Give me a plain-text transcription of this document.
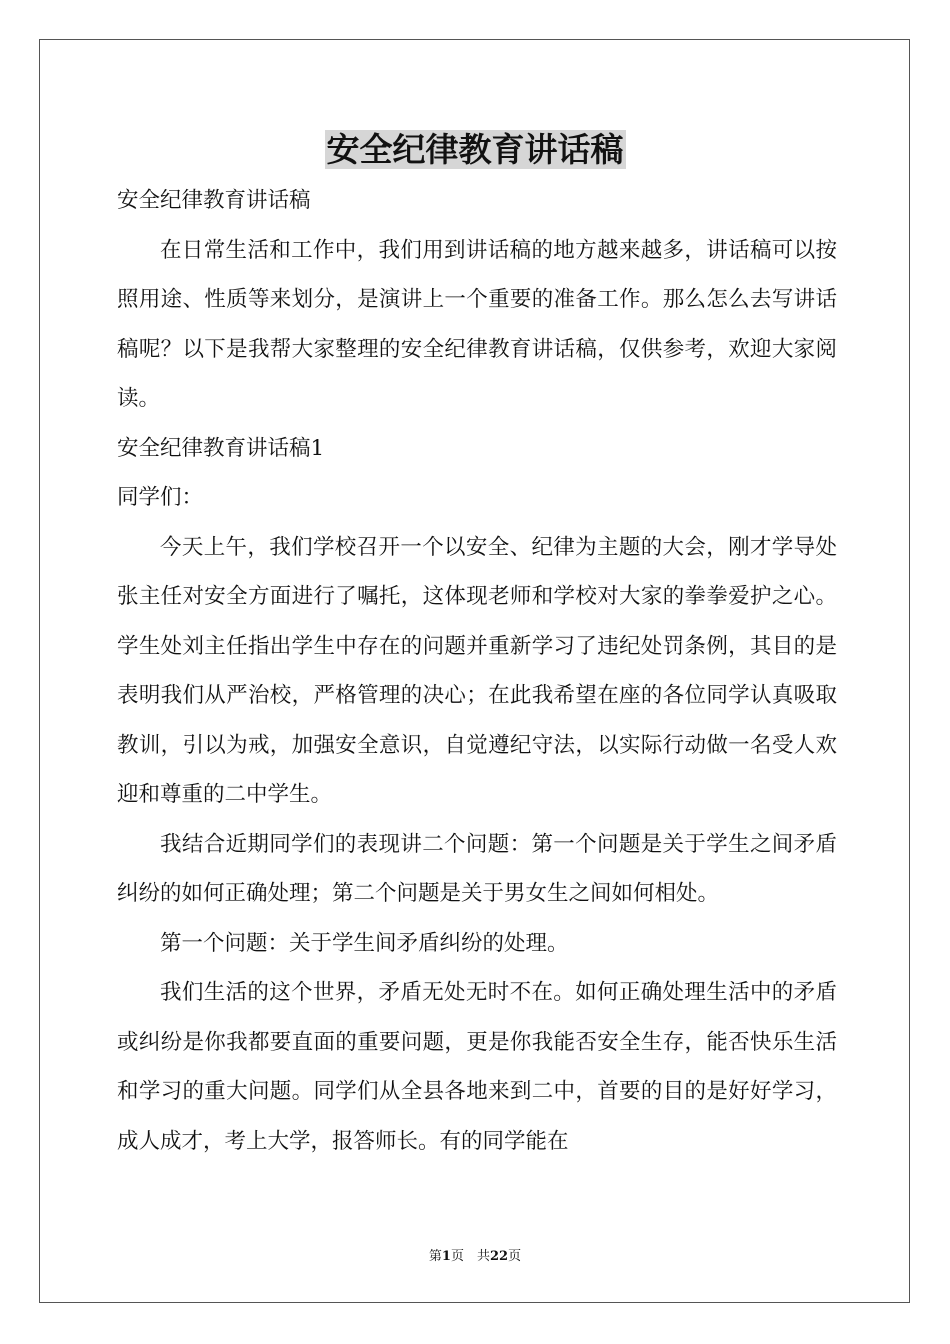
安全纪律教育讲话稿

安全纪律教育讲话稿

在日常生活和工作中，我们用到讲话稿的地方越来越多，讲话稿可以按照用途、性质等来划分，是演讲上一个重要的准备工作。那么怎么去写讲话稿呢？以下是我帮大家整理的安全纪律教育讲话稿，仅供参考，欢迎大家阅读。

安全纪律教育讲话稿1

同学们：

今天上午，我们学校召开一个以安全、纪律为主题的大会，刚才学导处张主任对安全方面进行了嘱托，这体现老师和学校对大家的拳拳爱护之心。学生处刘主任指出学生中存在的问题并重新学习了违纪处罚条例，其目的是表明我们从严治校，严格管理的决心；在此我希望在座的各位同学认真吸取教训，引以为戒，加强安全意识，自觉遵纪守法，以实际行动做一名受人欢迎和尊重的二中学生。

我结合近期同学们的表现讲二个问题：第一个问题是关于学生之间矛盾纠纷的如何正确处理；第二个问题是关于男女生之间如何相处。

第一个问题：关于学生间矛盾纠纷的处理。

我们生活的这个世界，矛盾无处无时不在。如何正确处理生活中的矛盾或纠纷是你我都要直面的重要问题，更是你我能否安全生存，能否快乐生活和学习的重大问题。同学们从全县各地来到二中，首要的目的是好好学习，成人成才，考上大学，报答师长。有的同学能在

第1页　共22页
